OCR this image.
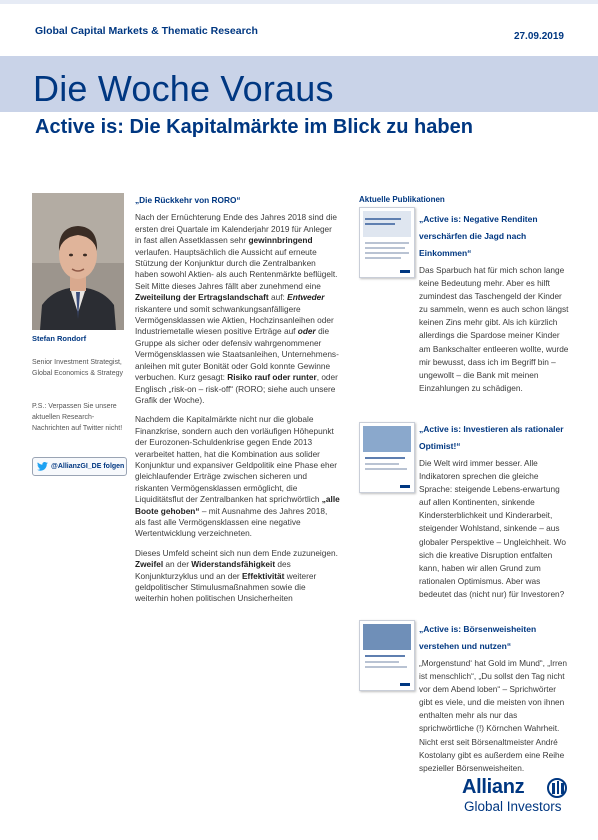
Global Capital Markets & Thematic Research	27.09.2019
Die Woche Voraus
Active is: Die Kapitalmärkte im Blick zu haben
Stefan Rondorf
Senior Investment Strategist, Global Economics & Strategy
P.S.: Verpassen Sie unsere aktuellen Research-Nachrichten auf Twitter nicht!
@AllianzGI_DE folgen
„Die Rückkehr von RORO“

Nach der Ernüchterung Ende des Jahres 2018 sind die ersten drei Quartale im Kalenderjahr 2019 für Anleger in fast allen Assetklassen sehr gewinnbringend verlaufen. Hauptsächlich die Aussicht auf erneute Stützung der Konjunktur durch die Zentralbanken haben sowohl Aktien- als auch Rentenmärkte beflügelt. Seit Mitte dieses Jahres fällt aber zunehmend eine Zweiteilung der Ertragslandschaft auf: Entweder riskantere und somit schwankungsanfälligere Vermögensklassen wie Aktien, Hochzinsanleihen oder Industriemetalle wiesen positive Erträge auf oder die Gruppe als sicher oder defensiv wahrgenommener Vermögensklassen wie Staatsanleihen, Unternehmens-anleihen mit guter Bonität oder Gold konnte Gewinne verbuchen. Kurz gesagt: Risiko rauf oder runter, oder Englisch „risk-on – risk-off“ (RORO; siehe auch unsere Grafik der Woche).

Nachdem die Kapitalmärkte nicht nur die globale Finanzkrise, sondern auch den vorläufigen Höhepunkt der Eurozonen-Schuldenkrise gegen Ende 2013 verarbeitet hatten, hat die Kombination aus solider Konjunktur und expansiver Geldpolitik eine Phase eher gleichlaufender Erträge zwischen sicheren und riskanten Vermögensklassen ermöglicht, die Liquiditätsflut der Zentralbanken hat sprichwörtlich „alle Boote gehoben“ – mit Ausnahme des Jahres 2018, als fast alle Vermögensklassen eine negative Wertentwicklung verzeichneten.

Dieses Umfeld scheint sich nun dem Ende zuzuneigen. Zweifel an der Widerstandsfähigkeit des Konjunkturzyklus und an der Effektivität weiterer geldpolitischer Stimulusmaßnahmen sowie die weiterhin hohen politischen Unsicherheiten

Aktuelle Publikationen
„Active is: Negative Renditen verschärfen die Jagd nach Einkommen“
Das Sparbuch hat für mich schon lange keine Bedeutung mehr. Aber es hilft zumindest das Taschengeld der Kinder zu sammeln, wenn es auch schon längst keinen Zins mehr gibt. Als ich kürzlich allerdings die Spardose meiner Kinder am Bankschalter entleeren wollte, wurde mir bewusst, dass ich im Begriff bin – ungewollt – die Bank mit meinen Einzahlungen zu schädigen.
„Active is: Investieren als rationaler Optimist!“
Die Welt wird immer besser. Alle Indikatoren sprechen die gleiche Sprache: steigende Lebens-erwartung auf allen Kontinenten, sinkende Kindersterblichkeit und Kinderarbeit, steigender Wohlstand, sinkende – aus globaler Perspektive – Ungleichheit. Wo sich die kreative Disruption entfalten kann, haben wir allen Grund zum rationalen Optimismus. Aber was bedeutet das (nicht nur) für Investoren?
„Active is: Börsenweisheiten verstehen und nutzen“
„Morgenstund‘ hat Gold im Mund“, „Irren ist menschlich“, „Du sollst den Tag nicht vor dem Abend loben“ – Sprichwörter gibt es viele, und die meisten von ihnen enthalten mehr als nur das sprichwörtliche (!) Körnchen Wahrheit. Nicht erst seit Börsenaltmeister André Kostolany gibt es außerdem eine Reihe spezieller Börsenweisheiten.
Allianz
Global Investors
